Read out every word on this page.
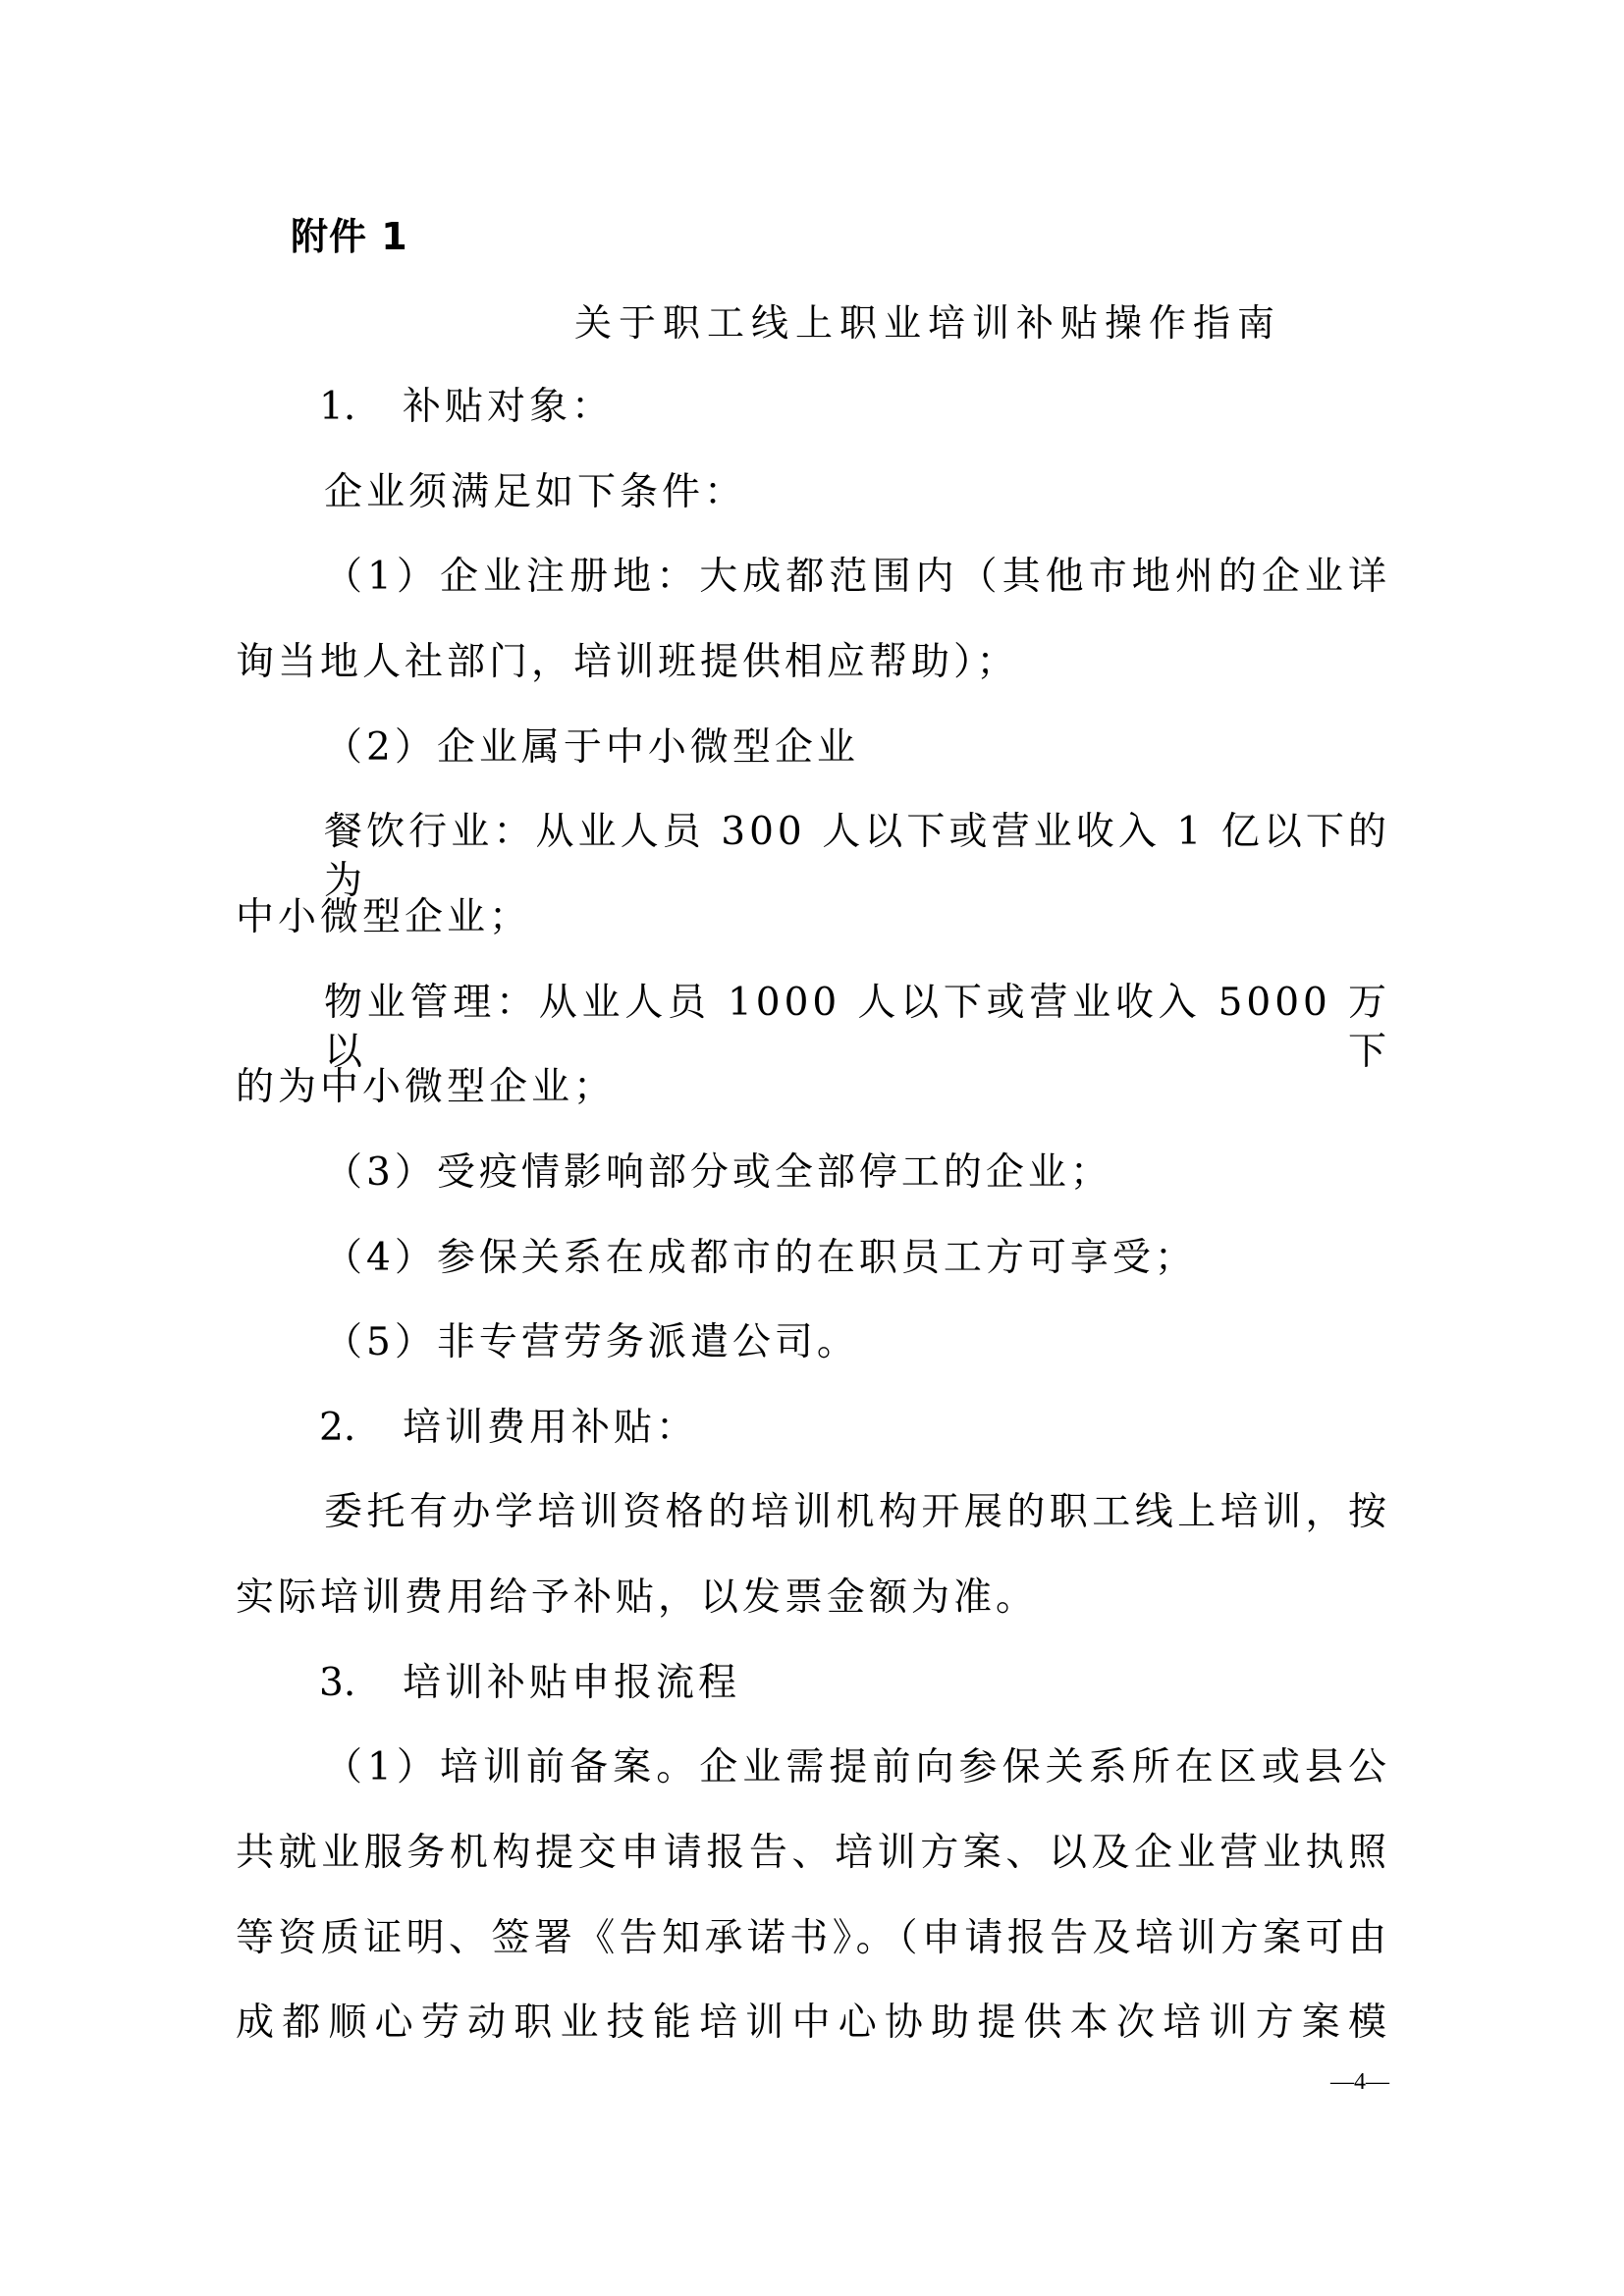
附件 1
关于职工线上职业培训补贴操作指南
1. 补贴对象：
企业须满足如下条件：
（1）企业注册地：大成都范围内（其他市地州的企业详
询当地人社部门，培训班提供相应帮助）；
（2）企业属于中小微型企业
餐饮行业：从业人员 300 人以下或营业收入 1 亿以下的为
中小微型企业；
物业管理：从业人员 1000 人以下或营业收入 5000 万以下
的为中小微型企业；
（3）受疫情影响部分或全部停工的企业；
（4）参保关系在成都市的在职员工方可享受；
（5）非专营劳务派遣公司。
2. 培训费用补贴：
委托有办学培训资格的培训机构开展的职工线上培训，按
实际培训费用给予补贴，以发票金额为准。
3. 培训补贴申报流程
（1）培训前备案。企业需提前向参保关系所在区或县公
共就业服务机构提交申请报告、培训方案、以及企业营业执照
等资质证明、签署《告知承诺书》。（申请报告及培训方案可由
成都顺心劳动职业技能培训中心协助提供本次培训方案模
—4—
